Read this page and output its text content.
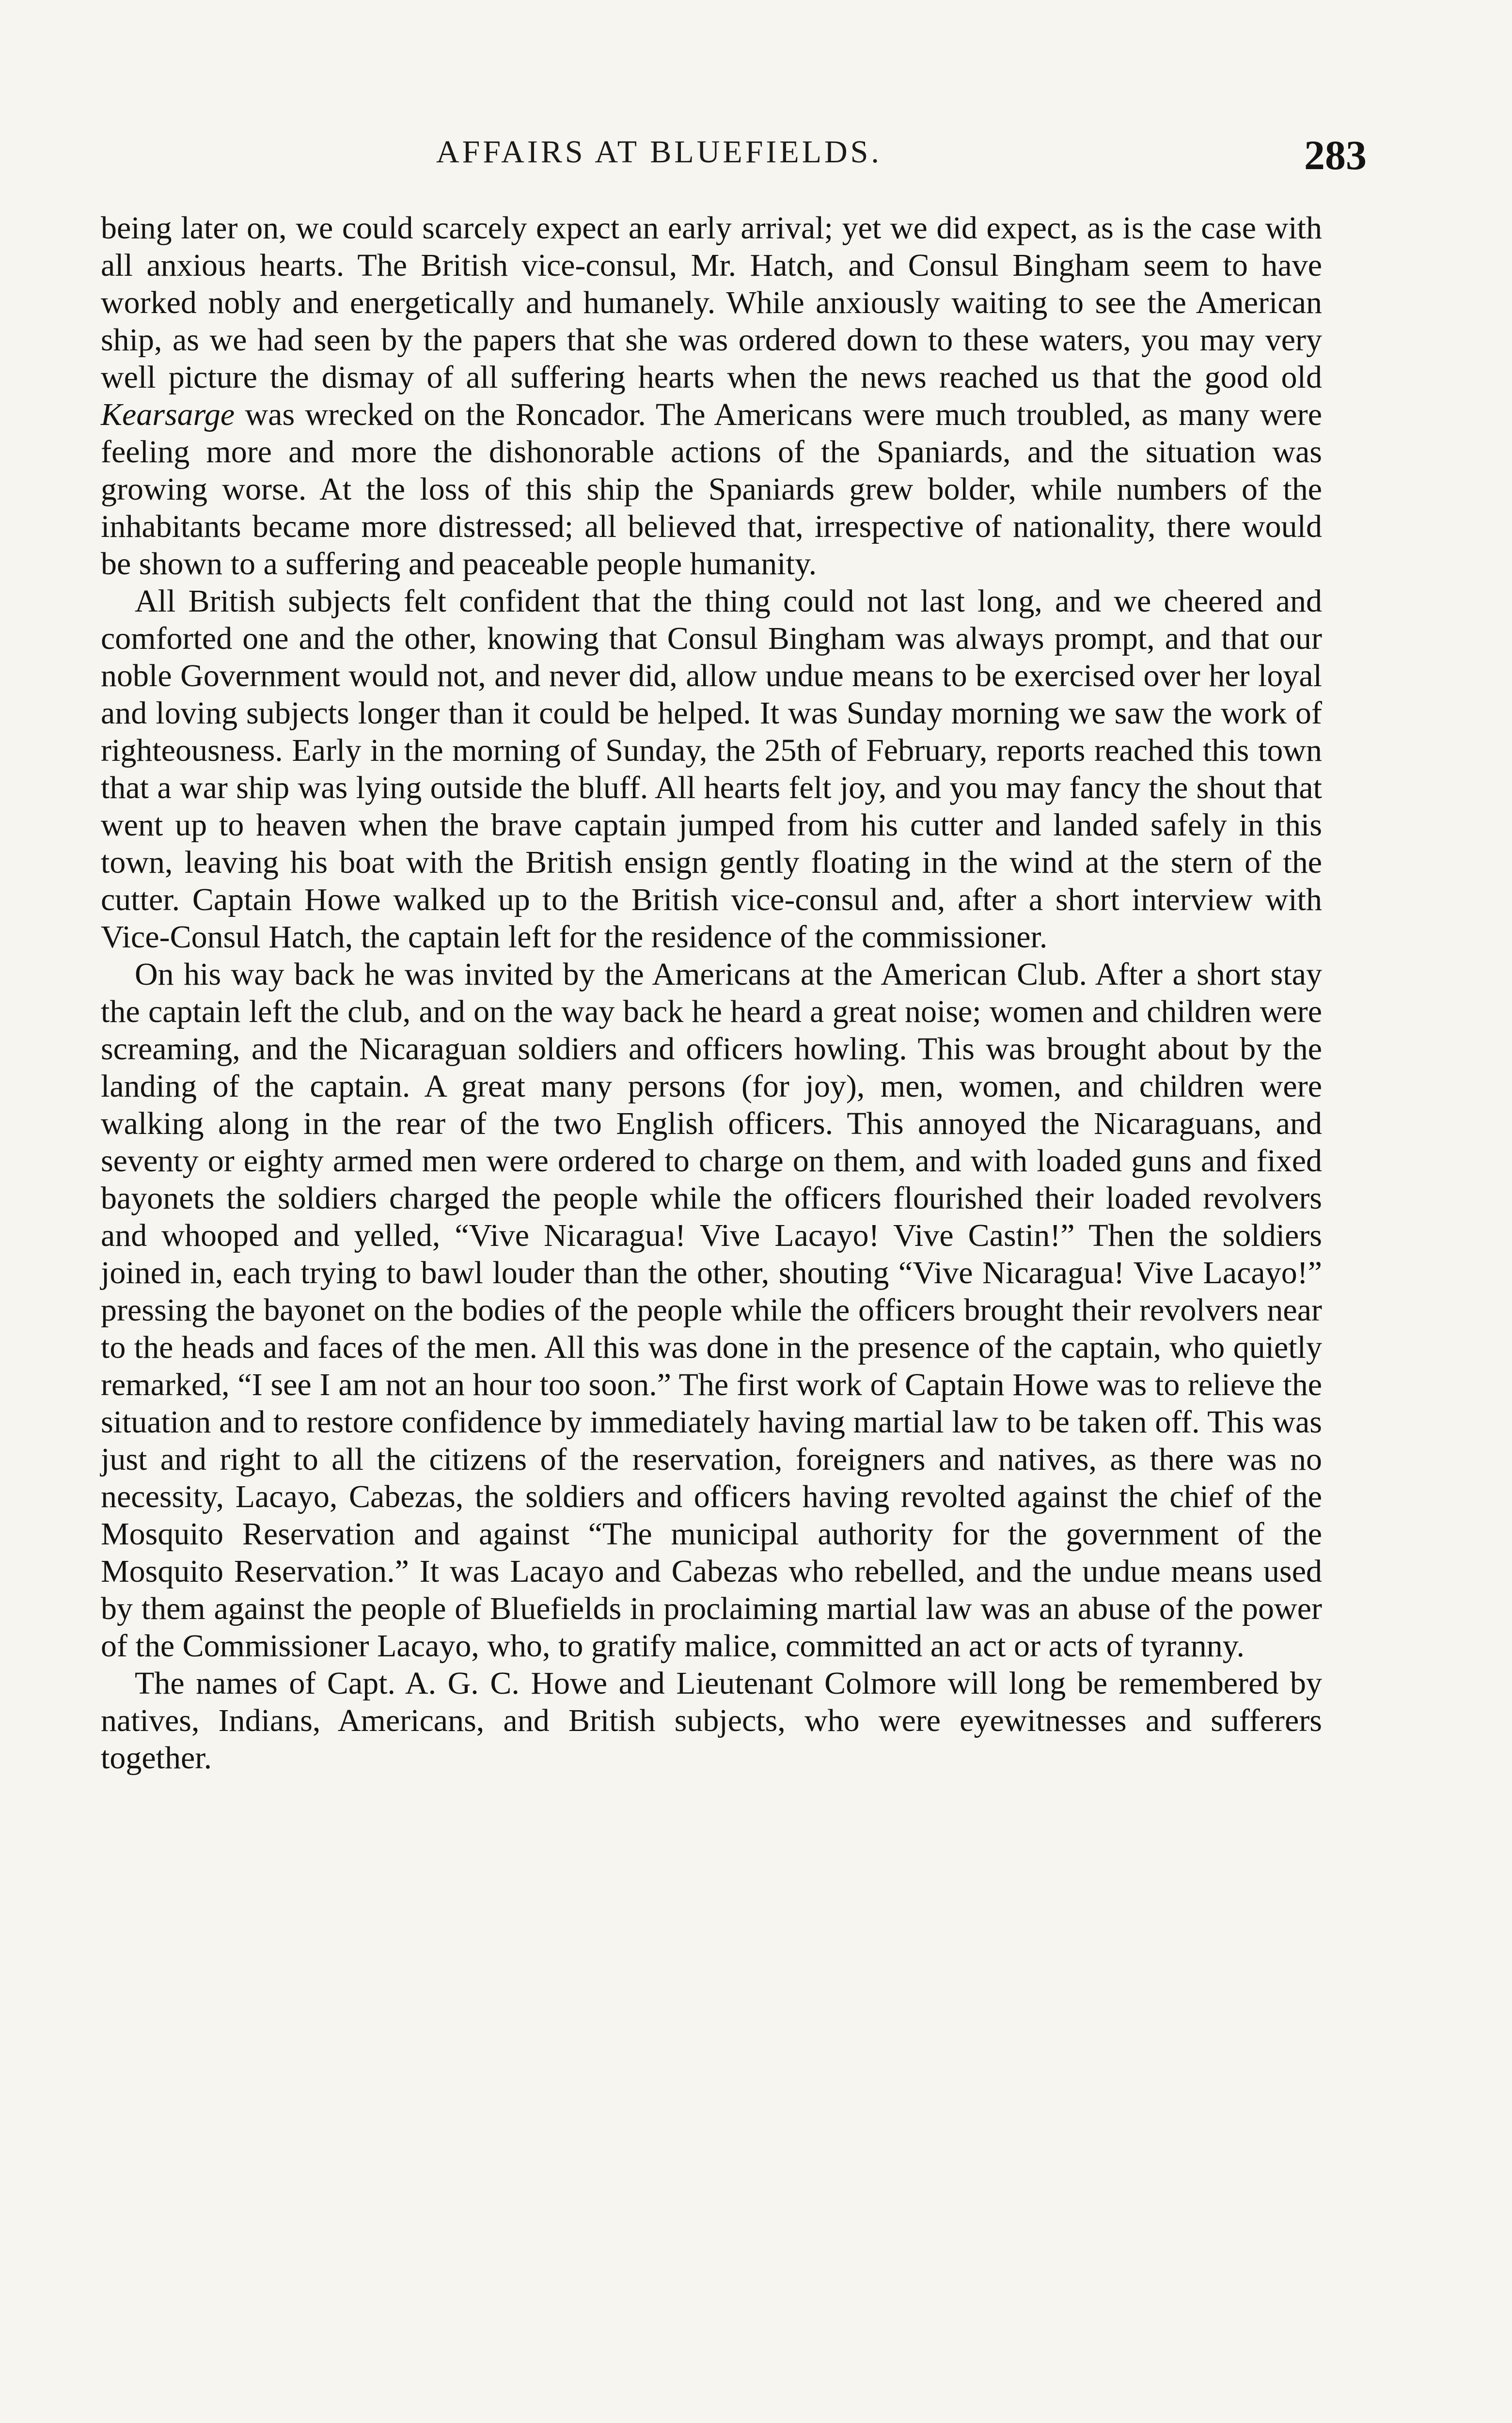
AFFAIRS AT BLUEFIELDS.	283

being later on, we could scarcely expect an early arrival; yet we did expect, as is the case with all anxious hearts. The British vice-consul, Mr. Hatch, and Consul Bingham seem to have worked nobly and energetically and humanely. While anxiously waiting to see the American ship, as we had seen by the papers that she was ordered down to these waters, you may very well picture the dismay of all suffering hearts when the news reached us that the good old Kearsarge was wrecked on the Roncador. The Americans were much troubled, as many were feeling more and more the dishonorable actions of the Spaniards, and the situation was growing worse. At the loss of this ship the Spaniards grew bolder, while numbers of the inhabitants became more distressed; all believed that, irrespective of nationality, there would be shown to a suffering and peaceable people humanity.

All British subjects felt confident that the thing could not last long, and we cheered and comforted one and the other, knowing that Consul Bingham was always prompt, and that our noble Government would not, and never did, allow undue means to be exercised over her loyal and loving subjects longer than it could be helped. It was Sunday morning we saw the work of righteousness. Early in the morning of Sunday, the 25th of February, reports reached this town that a war ship was lying outside the bluff. All hearts felt joy, and you may fancy the shout that went up to heaven when the brave captain jumped from his cutter and landed safely in this town, leaving his boat with the British ensign gently floating in the wind at the stern of the cutter. Captain Howe walked up to the British vice-consul and, after a short interview with Vice-Consul Hatch, the captain left for the residence of the commissioner.

On his way back he was invited by the Americans at the American Club. After a short stay the captain left the club, and on the way back he heard a great noise; women and children were screaming, and the Nicaraguan soldiers and officers howling. This was brought about by the landing of the captain. A great many persons (for joy), men, women, and children were walking along in the rear of the two English officers. This annoyed the Nicaraguans, and seventy or eighty armed men were ordered to charge on them, and with loaded guns and fixed bayonets the soldiers charged the people while the officers flourished their loaded revolvers and whooped and yelled, “Vive Nicaragua! Vive Lacayo! Vive Castin!” Then the soldiers joined in, each trying to bawl louder than the other, shouting “Vive Nicaragua! Vive Lacayo!” pressing the bayonet on the bodies of the people while the officers brought their revolvers near to the heads and faces of the men. All this was done in the presence of the captain, who quietly remarked, “I see I am not an hour too soon.” The first work of Captain Howe was to relieve the situation and to restore confidence by immediately having martial law to be taken off. This was just and right to all the citizens of the reservation, foreigners and natives, as there was no necessity, Lacayo, Cabezas, the soldiers and officers having revolted against the chief of the Mosquito Reservation and against “The municipal authority for the government of the Mosquito Reservation.” It was Lacayo and Cabezas who rebelled, and the undue means used by them against the people of Bluefields in proclaiming martial law was an abuse of the power of the Commissioner Lacayo, who, to gratify malice, committed an act or acts of tyranny.

The names of Capt. A. G. C. Howe and Lieutenant Colmore will long be remembered by natives, Indians, Americans, and British subjects, who were eyewitnesses and sufferers together.
